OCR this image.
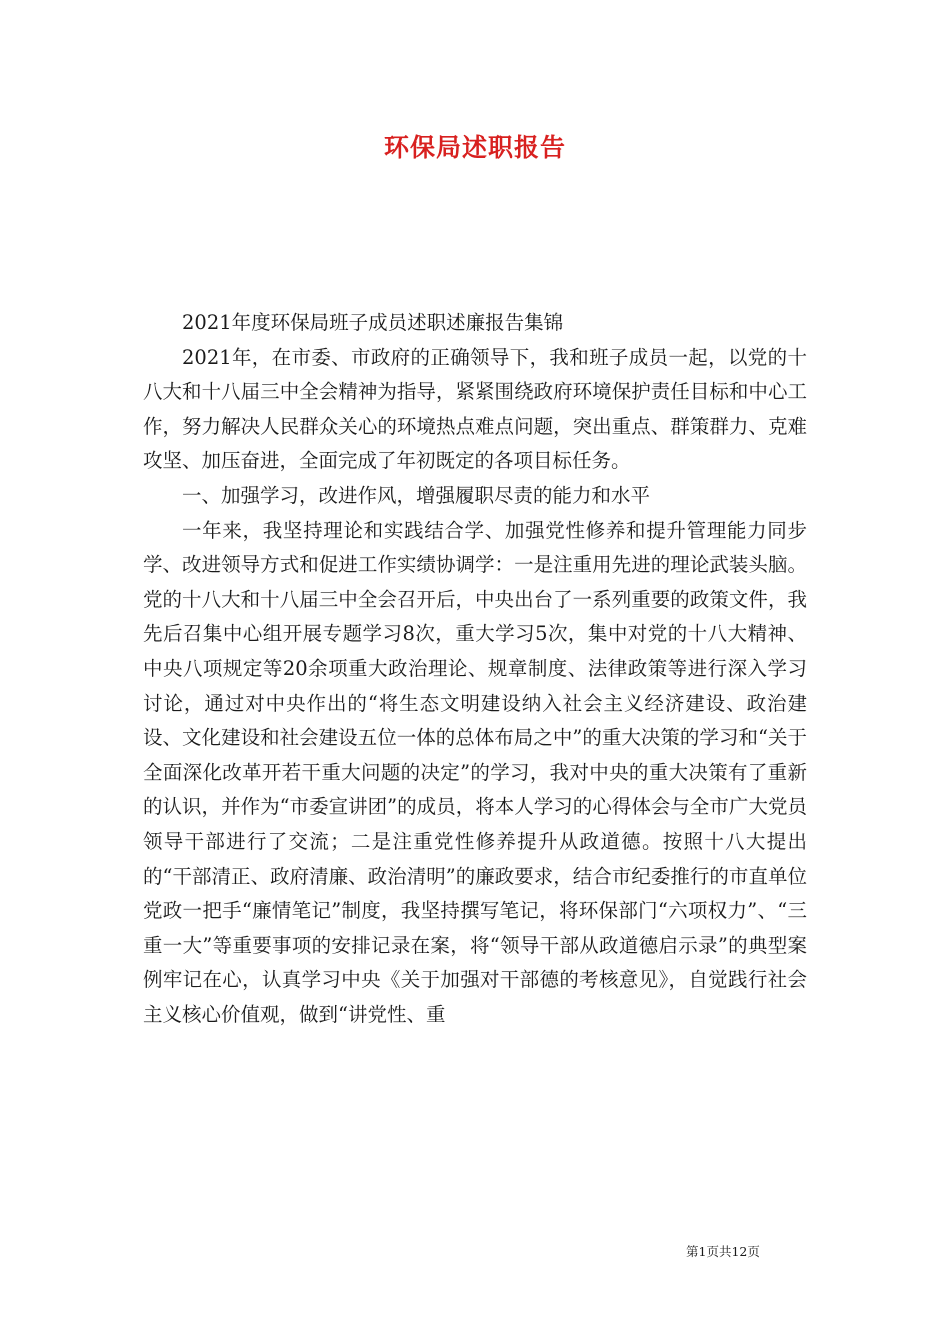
环保局述职报告

2021年度环保局班子成员述职述廉报告集锦

2021年，在市委、市政府的正确领导下，我和班子成员一起，以党的十八大和十八届三中全会精神为指导，紧紧围绕政府环境保护责任目标和中心工作，努力解决人民群众关心的环境热点难点问题，突出重点、群策群力、克难攻坚、加压奋进，全面完成了年初既定的各项目标任务。

一、加强学习，改进作风，增强履职尽责的能力和水平

一年来，我坚持理论和实践结合学、加强党性修养和提升管理能力同步学、改进领导方式和促进工作实绩协调学：一是注重用先进的理论武装头脑。党的十八大和十八届三中全会召开后，中央出台了一系列重要的政策文件，我先后召集中心组开展专题学习8次，重大学习5次，集中对党的十八大精神、中央八项规定等20余项重大政治理论、规章制度、法律政策等进行深入学习讨论，通过对中央作出的“将生态文明建设纳入社会主义经济建设、政治建设、文化建设和社会建设五位一体的总体布局之中”的重大决策的学习和“关于全面深化改革开若干重大问题的决定”的学习，我对中央的重大决策有了重新的认识，并作为“市委宣讲团”的成员，将本人学习的心得体会与全市广大党员领导干部进行了交流；二是注重党性修养提升从政道德。按照十八大提出的“干部清正、政府清廉、政治清明”的廉政要求，结合市纪委推行的市直单位党政一把手“廉情笔记”制度，我坚持撰写笔记，将环保部门“六项权力”、“三重一大”等重要事项的安排记录在案，将“领导干部从政道德启示录”的典型案例牢记在心，认真学习中央《关于加强对干部德的考核意见》，自觉践行社会主义核心价值观，做到“讲党性、重

第1页共12页
